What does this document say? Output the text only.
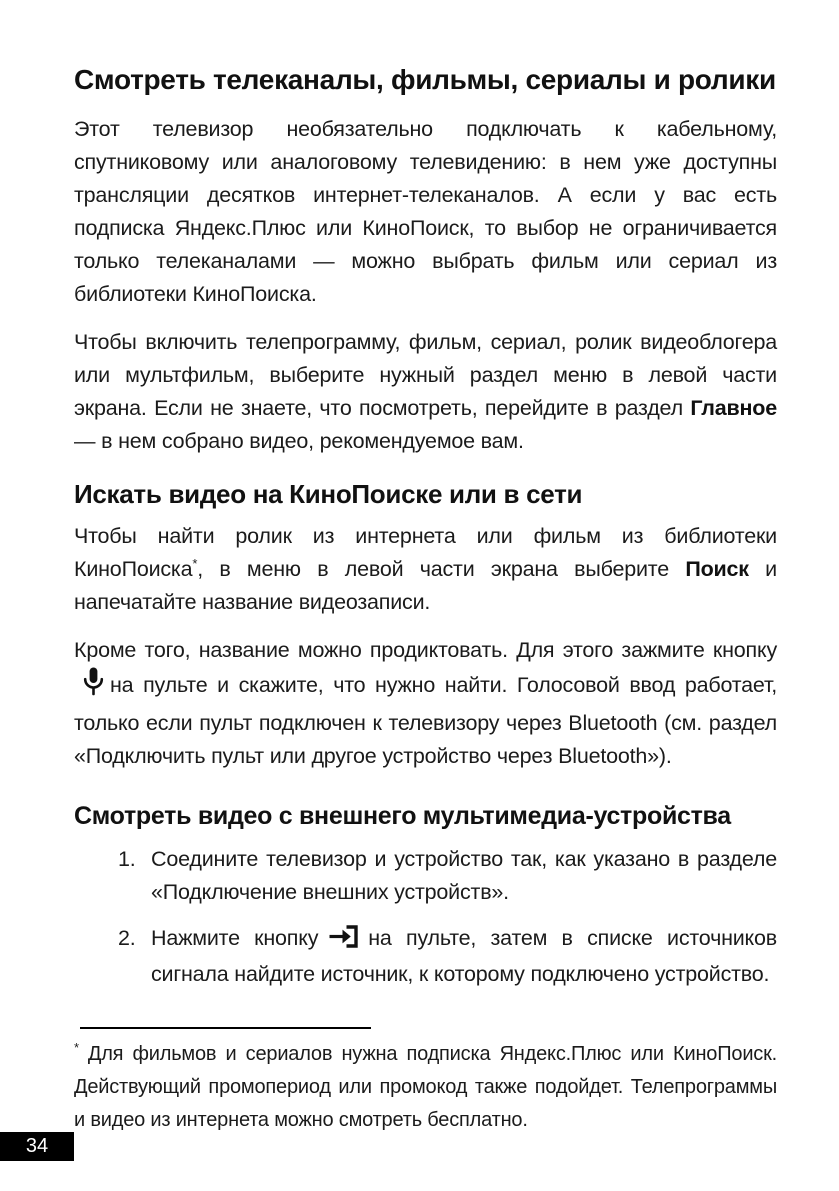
Смотреть телеканалы, фильмы, сериалы и ролики

Этот телевизор необязательно подключать к кабельному, спутниковому или аналоговому телевидению: в нем уже доступны трансляции десятков интернет-телеканалов. А если у вас есть подписка Яндекс.Плюс или КиноПоиск, то выбор не ограничивается только телеканалами — можно выбрать фильм или сериал из библиотеки КиноПоиска.

Чтобы включить телепрограмму, фильм, сериал, ролик видеоблогера или мультфильм, выберите нужный раздел меню в левой части экрана. Если не знаете, что посмотреть, перейдите в раздел Главное — в нем собрано видео, рекомендуемое вам.

Искать видео на КиноПоиске или в сети

Чтобы найти ролик из интернета или фильм из библиотеки КиноПоиска*, в меню в левой части экрана выберите Поиск и напечатайте название видеозаписи.

Кроме того, название можно продиктовать. Для этого зажмите кнопкуна пульте и скажите, что нужно найти. Голосовой ввод работает, только если пульт подключен к телевизору через Bluetooth (см. раздел «Подключить пульт или другое устройство через Bluetooth»).

Смотреть видео с внешнего мультимедиа-устройства
1. Соедините телевизор и устройство так, как указано в разделе «Подключение внешних устройств».
2. Нажмите кнопку на пульте, затем в списке источников сигнала найдите источник, к которому подключено устройство.
* Для фильмов и сериалов нужна подписка Яндекс.Плюс или КиноПоиск. Действующий промопериод или промокод также подойдет. Телепрограммы и видео из интернета можно смотреть бесплатно.
34
